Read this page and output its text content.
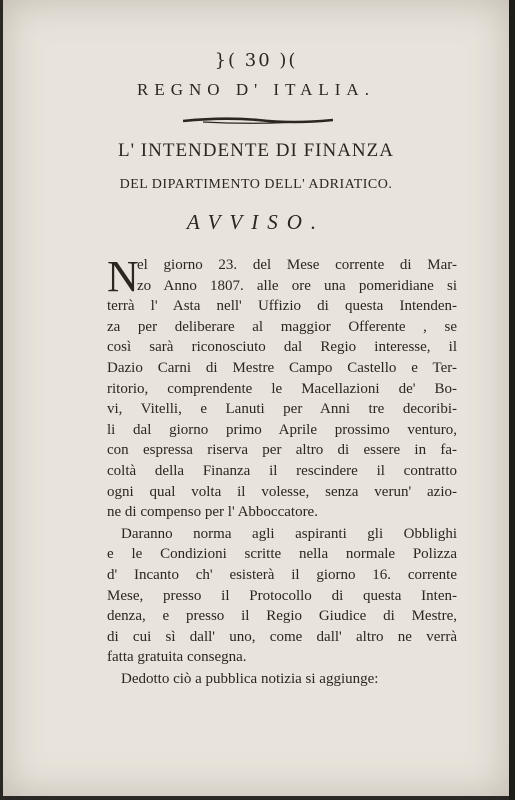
}( 30 )(
REGNO D' ITALIA.
L' INTENDENTE DI FINANZA
DEL DIPARTIMENTO DELL' ADRIATICO.
AVVISO.
N
el giorno 23. del Mese corrente di Mar-
zo Anno 1807. alle ore una pomeridiane si
terrà l' Asta nell' Uffizio di questa Intenden-
za per deliberare al maggior Offerente , se
così sarà riconosciuto dal Regio interesse, il
Dazio Carni di Mestre Campo Castello e Ter-
ritorio, comprendente le Macellazioni de' Bo-
vi, Vitelli, e Lanuti per Anni tre decoribi-
li dal giorno primo Aprile prossimo venturo,
con espressa riserva per altro di essere in fa-
coltà della Finanza il rescindere il contratto
ogni qual volta il volesse, senza verun' azio-
ne di compenso per l' Abboccatore.
Daranno norma agli aspiranti gli Obblighi
e le Condizioni scritte nella normale Polizza
d' Incanto ch' esisterà il giorno 16. corrente
Mese, presso il Protocollo di questa Inten-
denza, e presso il Regio Giudice di Mestre,
di cui sì dall' uno, come dall' altro ne verrà
fatta gratuita consegna.
Dedotto ciò a pubblica notizia si aggiunge:
